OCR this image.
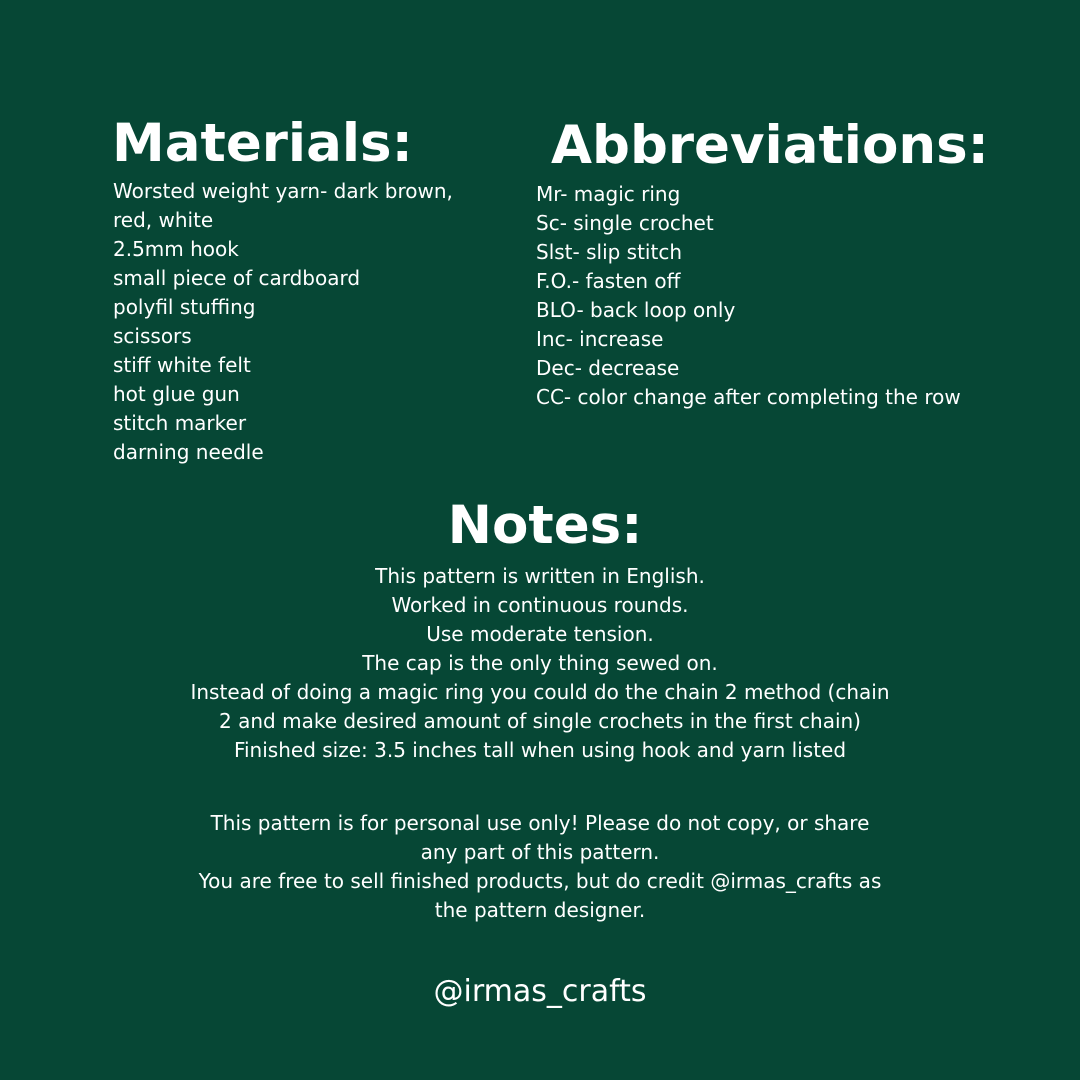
Materials:
Worsted weight yarn- dark brown,
red, white
2.5mm hook
small piece of cardboard
polyfil stuffing
scissors
stiff white felt
hot glue gun
stitch marker
darning needle
Abbreviations:
Mr- magic ring
Sc- single crochet
Slst- slip stitch
F.O.- fasten off
BLO- back loop only
Inc- increase
Dec- decrease
CC- color change after completing the row
Notes:

This pattern is written in English.

Worked in continuous rounds.

Use moderate tension.

The cap is the only thing sewed on.

Instead of doing a magic ring you could do the chain 2 method (chain

2 and make desired amount of single crochets in the first chain)

Finished size: 3.5 inches tall when using hook and yarn listed

This pattern is for personal use only! Please do not copy, or share

any part of this pattern.

You are free to sell finished products, but do credit @irmas_crafts as

the pattern designer.

@irmas_crafts
